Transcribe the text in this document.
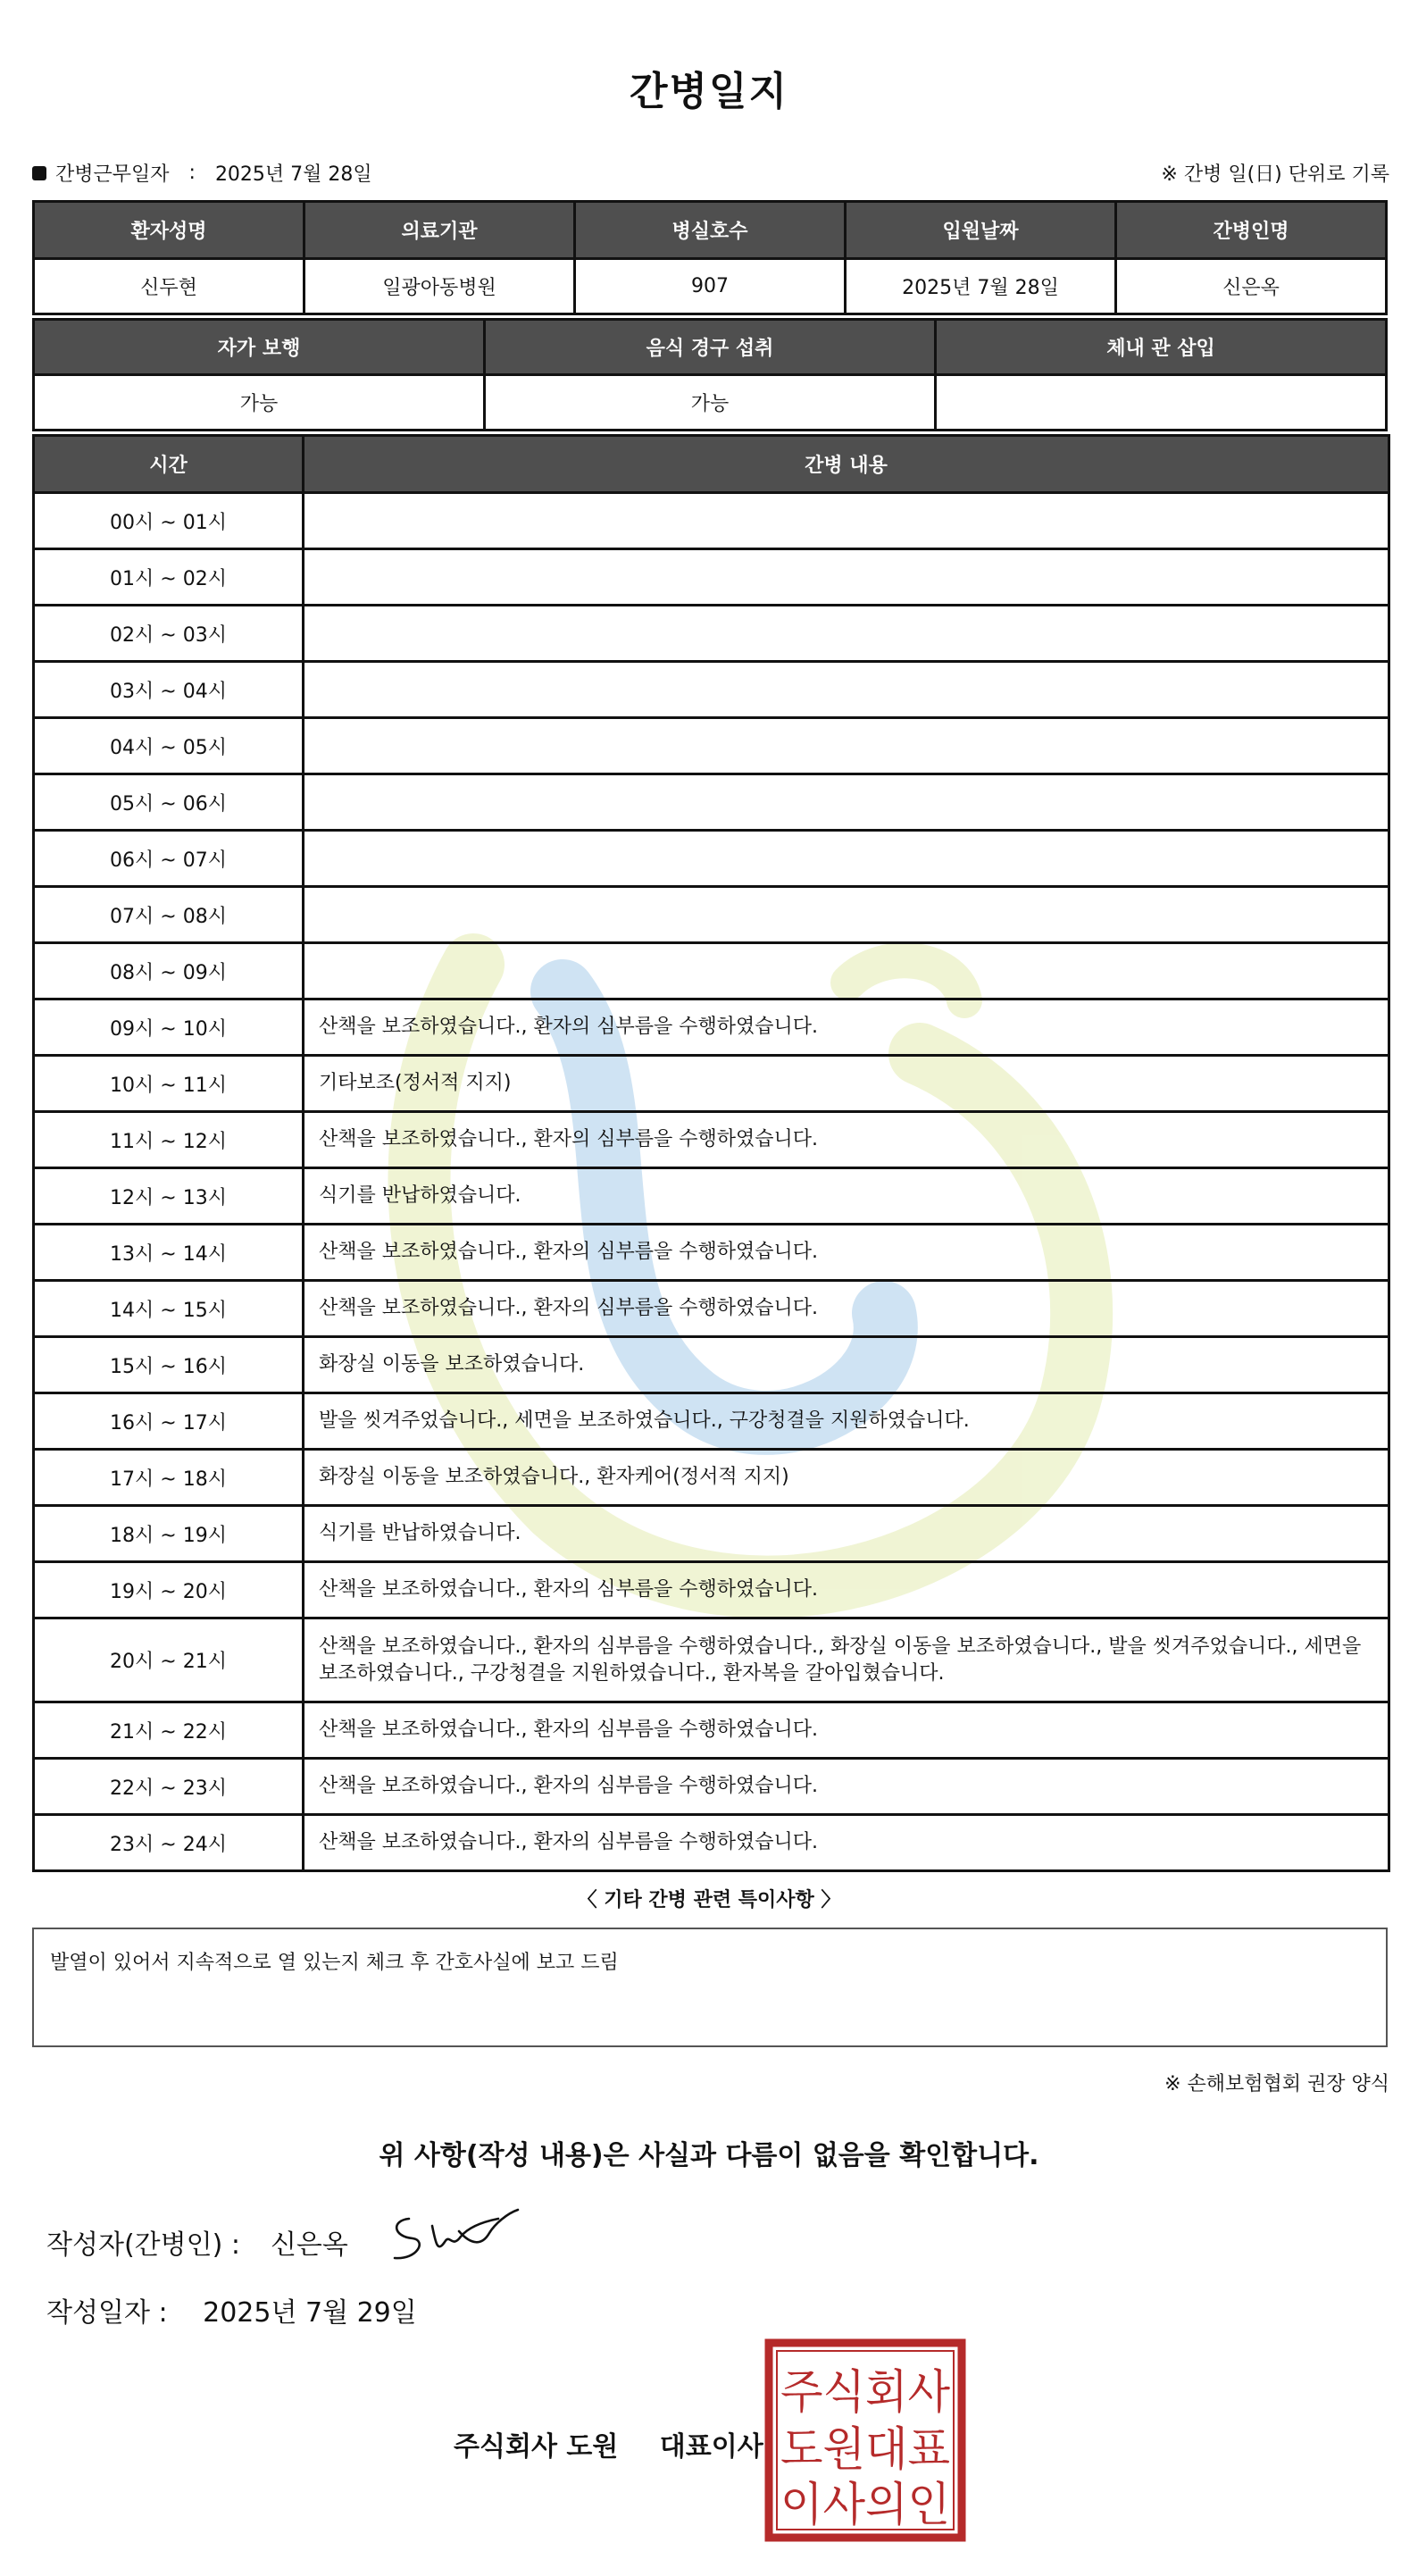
간병일지
간병근무일자 : 2025년 7월 28일	※ 간병 일(日) 단위로 기록
환자성명	의료기관	병실호수	입원날짜	간병인명
신두현	일광아동병원	907	2025년 7월 28일	신은옥
자가 보행	음식 경구 섭취	체내 관 삽입
가능	가능	
시간	간병 내용
00시 ~ 01시	
01시 ~ 02시	
02시 ~ 03시	
03시 ~ 04시	
04시 ~ 05시	
05시 ~ 06시	
06시 ~ 07시	
07시 ~ 08시	
08시 ~ 09시	
09시 ~ 10시	산책을 보조하였습니다., 환자의 심부름을 수행하였습니다.
10시 ~ 11시	기타보조(정서적 지지)
11시 ~ 12시	산책을 보조하였습니다., 환자의 심부름을 수행하였습니다.
12시 ~ 13시	식기를 반납하였습니다.
13시 ~ 14시	산책을 보조하였습니다., 환자의 심부름을 수행하였습니다.
14시 ~ 15시	산책을 보조하였습니다., 환자의 심부름을 수행하였습니다.
15시 ~ 16시	화장실 이동을 보조하였습니다.
16시 ~ 17시	발을 씻겨주었습니다., 세면을 보조하였습니다., 구강청결을 지원하였습니다.
17시 ~ 18시	화장실 이동을 보조하였습니다., 환자케어(정서적 지지)
18시 ~ 19시	식기를 반납하였습니다.
19시 ~ 20시	산책을 보조하였습니다., 환자의 심부름을 수행하였습니다.
20시 ~ 21시	산책을 보조하였습니다., 환자의 심부름을 수행하였습니다., 화장실 이동을 보조하였습니다., 발을 씻겨주었습니다., 세면을 보조하였습니다., 구강청결을 지원하였습니다., 환자복을 갈아입혔습니다.
21시 ~ 22시	산책을 보조하였습니다., 환자의 심부름을 수행하였습니다.
22시 ~ 23시	산책을 보조하였습니다., 환자의 심부름을 수행하였습니다.
23시 ~ 24시	산책을 보조하였습니다., 환자의 심부름을 수행하였습니다.
〈 기타 간병 관련 특이사항 〉
발열이 있어서 지속적으로 열 있는지 체크 후 간호사실에 보고 드림
※ 손해보험협회 권장 양식
위 사항(작성 내용)은 사실과 다름이 없음을 확인합니다.
작성자(간병인) : 신은옥
작성일자 : 2025년 7월 29일
주식회사 도원 대표이사
주식회사
도원대표
이사의인
